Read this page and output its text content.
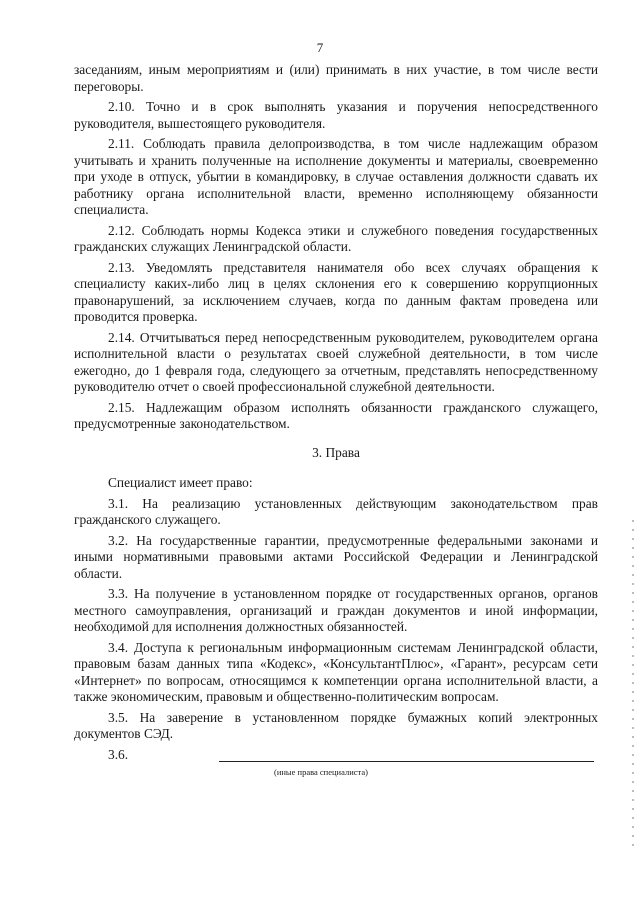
7

заседаниям, иным мероприятиям и (или) принимать в них участие, в том числе вести переговоры.

2.10. Точно и в срок выполнять указания и поручения непосредственного руководителя, вышестоящего руководителя.

2.11. Соблюдать правила делопроизводства, в том числе надлежащим образом учитывать и хранить полученные на исполнение документы и материалы, своевременно при уходе в отпуск, убытии в командировку, в случае оставления должности сдавать их работнику органа исполнительной власти, временно исполняющему обязанности специалиста.

2.12. Соблюдать нормы Кодекса этики и служебного поведения государственных гражданских служащих Ленинградской области.

2.13. Уведомлять представителя нанимателя обо всех случаях обращения к специалисту каких-либо лиц в целях склонения его к совершению коррупционных правонарушений, за исключением случаев, когда по данным фактам проведена или проводится проверка.

2.14. Отчитываться перед непосредственным руководителем, руководителем органа исполнительной власти о результатах своей служебной деятельности, в том числе ежегодно, до 1 февраля года, следующего за отчетным, представлять непосредственному руководителю отчет о своей профессиональной служебной деятельности.

2.15. Надлежащим образом исполнять обязанности гражданского служащего, предусмотренные законодательством.

3. Права

Специалист имеет право:

3.1. На реализацию установленных действующим законодательством прав гражданского служащего.

3.2. На государственные гарантии, предусмотренные федеральными законами и иными нормативными правовыми актами Российской Федерации и Ленинградской области.

3.3. На получение в установленном порядке от государственных органов, органов местного самоуправления, организаций и граждан документов и иной информации, необходимой для исполнения должностных обязанностей.

3.4. Доступа к региональным информационным системам Ленинградской области, правовым базам данных типа «Кодекс», «КонсультантПлюс», «Гарант», ресурсам сети «Интернет» по вопросам, относящимся к компетенции органа исполнительной власти, а также экономическим, правовым и общественно-политическим вопросам.

3.5. На заверение в установленном порядке бумажных копий электронных документов СЭД.

3.6.
(иные права специалиста)
